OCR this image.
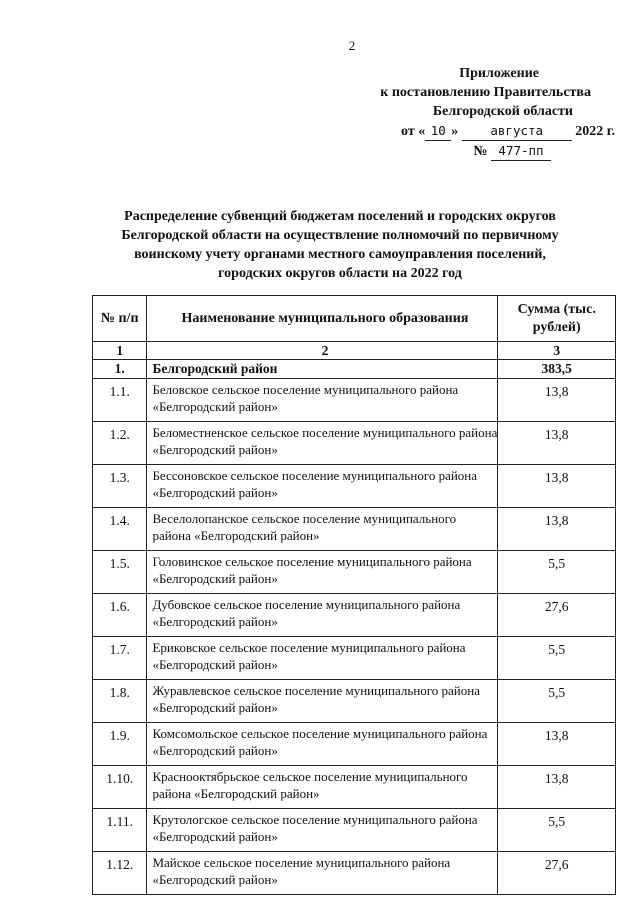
2
Приложение
к постановлению Правительства
Белгородской области
от « 10 »	августа 2022 г.
№ 477-пп
Распределение субвенций бюджетам поселений и городских округов
Белгородской области на осуществление полномочий по первичному
воинскому учету органами местного самоуправления поселений,
городских округов области на 2022 год
№ п/п	Наименование муниципального образования	Сумма (тыс. рублей)
1	2	3
1.	Белгородский район	383,5
1.1.	Беловское сельское поселение муниципального района «Белгородский район»	13,8
1.2.	Беломестненское сельское поселение муниципального района «Белгородский район»	13,8
1.3.	Бессоновское сельское поселение муниципального района «Белгородский район»	13,8
1.4.	Веселолопанское сельское поселение муниципального района «Белгородский район»	13,8
1.5.	Головинское сельское поселение муниципального района «Белгородский район»	5,5
1.6.	Дубовское сельское поселение муниципального района «Белгородский район»	27,6
1.7.	Ериковское сельское поселение муниципального района «Белгородский район»	5,5
1.8.	Журавлевское сельское поселение муниципального района «Белгородский район»	5,5
1.9.	Комсомольское сельское поселение муниципального района «Белгородский район»	13,8
1.10.	Краснооктябрьское сельское поселение муниципального района «Белгородский район»	13,8
1.11.	Крутологское сельское поселение муниципального района «Белгородский район»	5,5
1.12.	Майское сельское поселение муниципального района «Белгородский район»	27,6
